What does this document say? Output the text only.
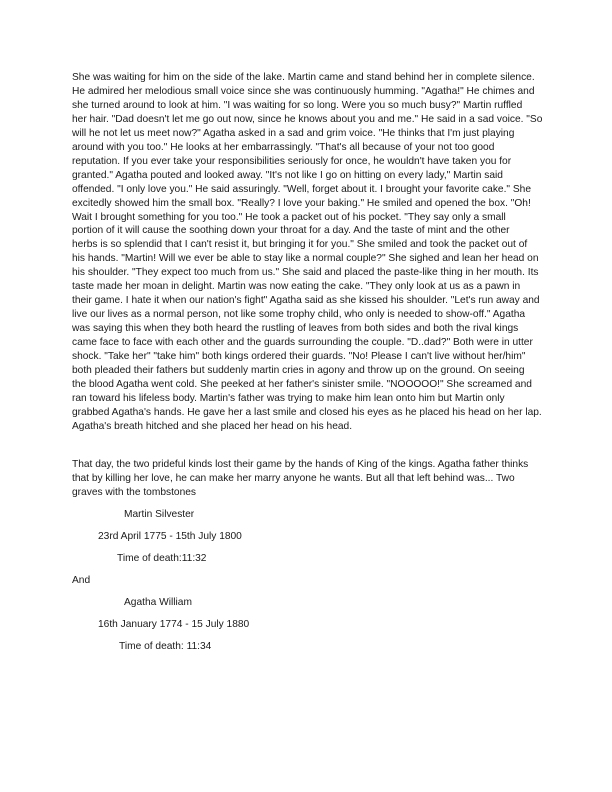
She was waiting for him on the side of the lake. Martin came and stand behind her in complete silence.
He admired her melodious small voice since she was continuously humming. "Agatha!" He chimes and
she turned around to look at him. "I was waiting for so long. Were you so much busy?" Martin ruffled
her hair. "Dad doesn't let me go out now, since he knows about you and me." He said in a sad voice. "So
will he not let us meet now?" Agatha asked in a sad and grim voice. "He thinks that I'm just playing
around with you too." He looks at her embarrassingly. "That's all because of your not too good
reputation. If you ever take your responsibilities seriously for once, he wouldn't have taken you for
granted." Agatha pouted and looked away. "It's not like I go on hitting on every lady," Martin said
offended. "I only love you." He said assuringly. "Well, forget about it. I brought your favorite cake." She
excitedly showed him the small box. "Really? I love your baking." He smiled and opened the box. "Oh!
Wait I brought something for you too." He took a packet out of his pocket. "They say only a small
portion of it will cause the soothing down your throat for a day. And the taste of mint and the other
herbs is so splendid that I can't resist it, but bringing it for you." She smiled and took the packet out of
his hands. "Martin! Will we ever be able to stay like a normal couple?" She sighed and lean her head on
his shoulder. "They expect too much from us." She said and placed the paste-like thing in her mouth. Its
taste made her moan in delight. Martin was now eating the cake. "They only look at us as a pawn in
their game. I hate it when our nation's fight" Agatha said as she kissed his shoulder. "Let's run away and
live our lives as a normal person, not like some trophy child, who only is needed to show-off." Agatha
was saying this when they both heard the rustling of leaves from both sides and both the rival kings
came face to face with each other and the guards surrounding the couple. "D..dad?" Both were in utter
shock. "Take her" "take him" both kings ordered their guards. "No! Please I can't live without her/him"
both pleaded their fathers but suddenly martin cries in agony and throw up on the ground. On seeing
the blood Agatha went cold. She peeked at her father's sinister smile. "NOOOOO!" She screamed and
ran toward his lifeless body. Martin's father was trying to make him lean onto him but Martin only
grabbed Agatha's hands. He gave her a last smile and closed his eyes as he placed his head on her lap.
Agatha's breath hitched and she placed her head on his head.
That day, the two prideful kinds lost their game by the hands of King of the kings. Agatha father thinks
that by killing her love, he can make her marry anyone he wants. But all that left behind was... Two
graves with the tombstones
Martin Silvester
23rd April 1775 - 15th July 1800
Time of death:11:32
And
Agatha William
16th January 1774 - 15 July 1880
Time of death: 11:34
